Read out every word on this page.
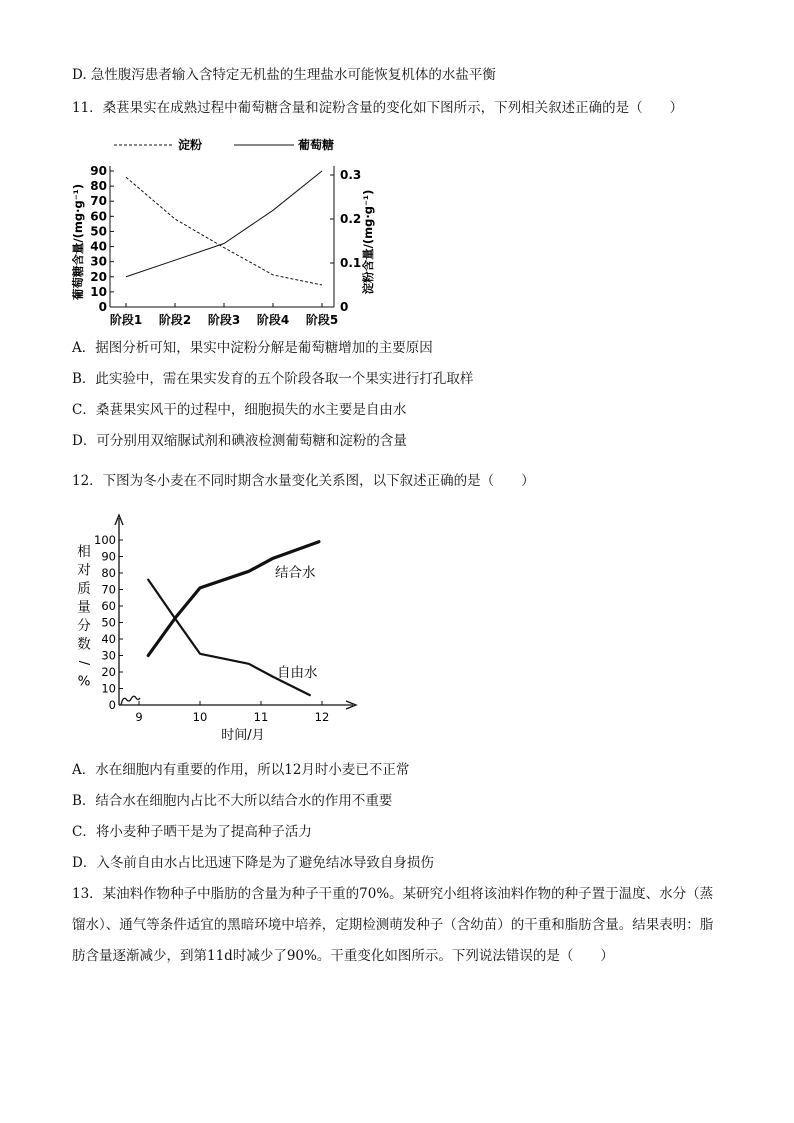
D. 急性腹泻患者输入含特定无机盐的生理盐水可能恢复机体的水盐平衡
11．桑葚果实在成熟过程中葡萄糖含量和淀粉含量的变化如下图所示，下列相关叙述正确的是（　　）
淀粉	葡萄糖
葡萄糖含量/(mg·g⁻¹)	淀粉含量/(mg·g⁻¹)
0
10
20
30
40
50
60
70
80
90
0
0.1
0.2
0.3
阶段1 阶段2 阶段3 阶段4 阶段5
A．据图分析可知，果实中淀粉分解是葡萄糖增加的主要原因
B．此实验中，需在果实发育的五个阶段各取一个果实进行打孔取样
C．桑葚果实风干的过程中，细胞损失的水主要是自由水
D．可分别用双缩脲试剂和碘液检测葡萄糖和淀粉的含量
12．下图为冬小麦在不同时期含水量变化关系图，以下叙述正确的是（　　）
相
对
质
量
分
数
/
%
时间/月
0
10
20
30
40
50
60
70
80
90
100
9	10	11	12
结合水
自由水
A．水在细胞内有重要的作用，所以12月时小麦已不正常
B．结合水在细胞内占比不大所以结合水的作用不重要
C．将小麦种子晒干是为了提高种子活力
D．入冬前自由水占比迅速下降是为了避免结冰导致自身损伤
13．某油料作物种子中脂肪的含量为种子干重的70%。某研究小组将该油料作物的种子置于温度、水分（蒸馏水）、通气等条件适宜的黑暗环境中培养，定期检测萌发种子（含幼苗）的干重和脂肪含量。结果表明：脂肪含量逐渐减少，到第11d时减少了90%。干重变化如图所示。下列说法错误的是（　　）
